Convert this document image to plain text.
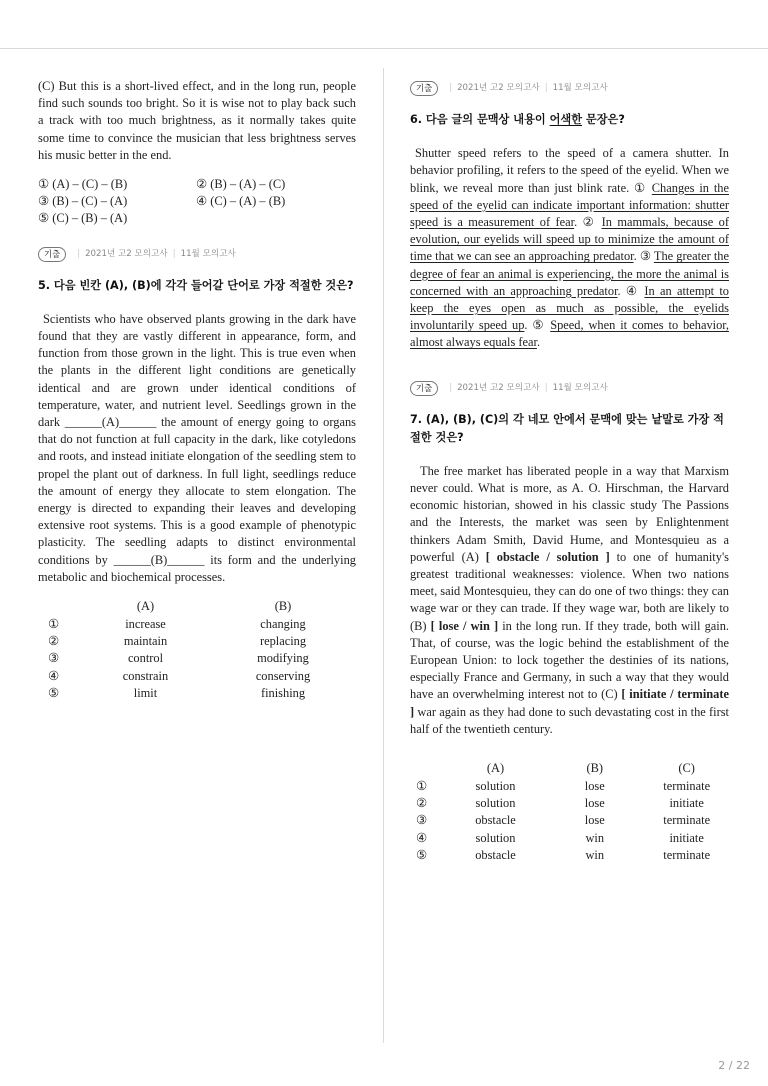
(C) But this is a short-lived effect, and in the long run, people find such sounds too bright. So it is wise not to play back such a track with too much brightness, as it normally takes quite some time to convince the musician that less brightness serves his music better in the end.

① (A) – (C) – (B)	② (B) – (A) – (C)
③ (B) – (C) – (A)	④ (C) – (A) – (B)
⑤ (C) – (B) – (A)
기출	| 2021년 고2 모의고사 | 11월 모의고사
5. 다음 빈칸 (A), (B)에 각각 들어갈 단어로 가장 적절한 것은?

Scientists who have observed plants growing in the dark have found that they are vastly different in appearance, form, and function from those grown in the light. This is true even when the plants in the different light conditions are genetically identical and are grown under identical conditions of temperature, water, and nutrient level. Seedlings grown in the dark ______(A)______ the amount of energy going to organs that do not function at full capacity in the dark, like cotyledons and roots, and instead initiate elongation of the seedling stem to propel the plant out of darkness. In full light, seedlings reduce the amount of energy they allocate to stem elongation. The energy is directed to expanding their leaves and developing extensive root systems. This is a good example of phenotypic plasticity. The seedling adapts to distinct environmental conditions by ______(B)______ its form and the underlying metabolic and biochemical processes.

	(A)	(B)
①	increase	changing
②	maintain	replacing
③	control	modifying
④	constrain	conserving
⑤	limit	finishing
기출	| 2021년 고2 모의고사 | 11월 모의고사
6. 다음 글의 문맥상 내용이 어색한 문장은?

Shutter speed refers to the speed of a camera shutter. In behavior profiling, it refers to the speed of the eyelid. When we blink, we reveal more than just blink rate. ① Changes in the speed of the eyelid can indicate important information: shutter speed is a measurement of fear. ② In mammals, because of evolution, our eyelids will speed up to minimize the amount of time that we can see an approaching predator. ③ The greater the degree of fear an animal is experiencing, the more the animal is concerned with an approaching predator. ④ In an attempt to keep the eyes open as much as possible, the eyelids involuntarily speed up. ⑤ Speed, when it comes to behavior, almost always equals fear.

기출	| 2021년 고2 모의고사 | 11월 모의고사
7. (A), (B), (C)의 각 네모 안에서 문맥에 맞는 낱말로 가장 적절한 것은?

The free market has liberated people in a way that Marxism never could. What is more, as A. O. Hirschman, the Harvard economic historian, showed in his classic study The Passions and the Interests, the market was seen by Enlightenment thinkers Adam Smith, David Hume, and Montesquieu as a powerful (A) [ obstacle / solution ] to one of humanity's greatest traditional weaknesses: violence. When two nations meet, said Montesquieu, they can do one of two things: they can wage war or they can trade. If they wage war, both are likely to (B) [ lose / win ] in the long run. If they trade, both will gain. That, of course, was the logic behind the establishment of the European Union: to lock together the destinies of its nations, especially France and Germany, in such a way that they would have an overwhelming interest not to (C) [ initiate / terminate ] war again as they had done to such devastating cost in the first half of the twentieth century.

	(A)	(B)	(C)
①	solution	lose	terminate
②	solution	lose	initiate
③	obstacle	lose	terminate
④	solution	win	initiate
⑤	obstacle	win	terminate
2 / 22
